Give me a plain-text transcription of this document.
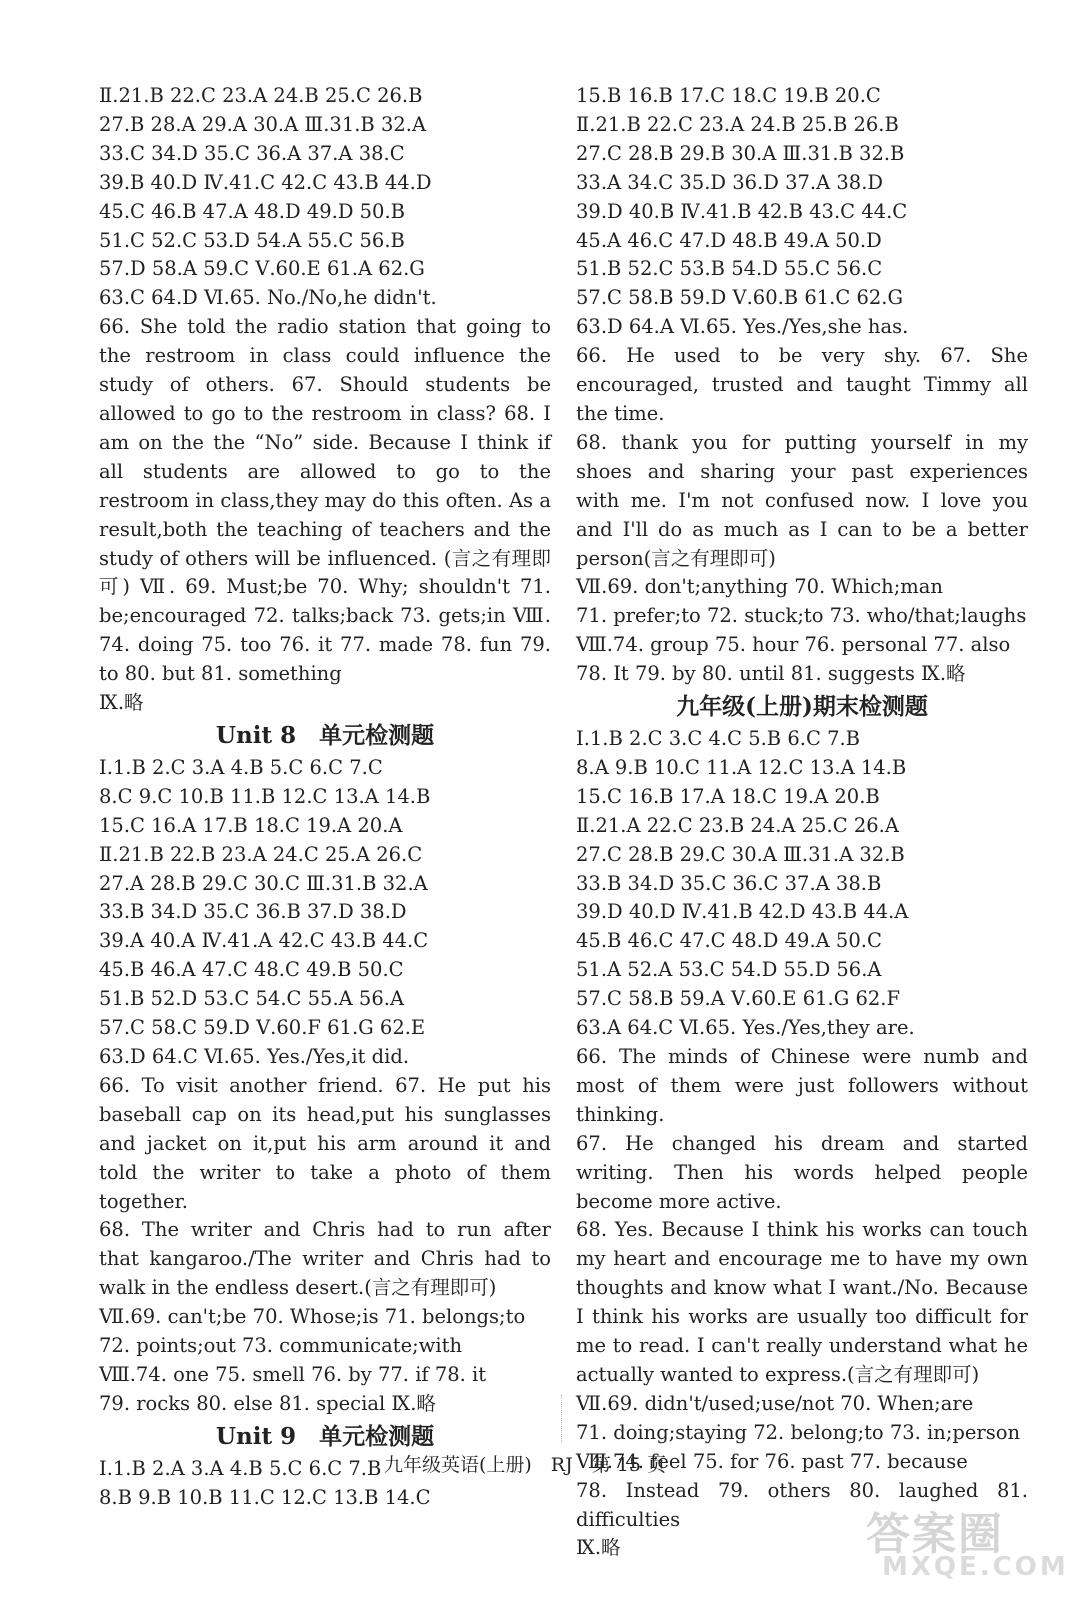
Ⅱ.21.B 22.C 23.A 24.B 25.C 26.B

27.B 28.A 29.A 30.A Ⅲ.31.B 32.A

33.C 34.D 35.C 36.A 37.A 38.C

39.B 40.D Ⅳ.41.C 42.C 43.B 44.D

45.C 46.B 47.A 48.D 49.D 50.B

51.C 52.C 53.D 54.A 55.C 56.B

57.D 58.A 59.C Ⅴ.60.E 61.A 62.G

63.C 64.D Ⅵ.65. No./No,he didn't.

66. She told the radio station that going to the restroom in class could influence the study of others. 67. Should students be allowed to go to the restroom in class? 68. I am on the the “No” side. Because I think if all students are allowed to go to the restroom in class,they may do this often. As a result,both the teaching of teachers and the study of others will be influenced. (言之有理即可) Ⅶ. 69. Must;be 70. Why; shouldn't 71. be;encouraged 72. talks;back 73. gets;in Ⅷ. 74. doing 75. too 76. it 77. made 78. fun 79. to 80. but 81. something

Ⅸ.略

Unit 8　单元检测题

Ⅰ.1.B 2.C 3.A 4.B 5.C 6.C 7.C

8.C 9.C 10.B 11.B 12.C 13.A 14.B

15.C 16.A 17.B 18.C 19.A 20.A

Ⅱ.21.B 22.B 23.A 24.C 25.A 26.C

27.A 28.B 29.C 30.C Ⅲ.31.B 32.A

33.B 34.D 35.C 36.B 37.D 38.D

39.A 40.A Ⅳ.41.A 42.C 43.B 44.C

45.B 46.A 47.C 48.C 49.B 50.C

51.B 52.D 53.C 54.C 55.A 56.A

57.C 58.C 59.D Ⅴ.60.F 61.G 62.E

63.D 64.C Ⅵ.65. Yes./Yes,it did.

66. To visit another friend. 67. He put his baseball cap on its head,put his sunglasses and jacket on it,put his arm around it and told the writer to take a photo of them together.

68. The writer and Chris had to run after that kangaroo./The writer and Chris had to walk in the endless desert.(言之有理即可)

Ⅶ.69. can't;be 70. Whose;is 71. belongs;to

72. points;out 73. communicate;with

Ⅷ.74. one 75. smell 76. by 77. if 78. it

79. rocks 80. else 81. special Ⅸ.略

Unit 9　单元检测题

Ⅰ.1.B 2.A 3.A 4.B 5.C 6.C 7.B

8.B 9.B 10.B 11.C 12.C 13.B 14.C

15.B 16.B 17.C 18.C 19.B 20.C

Ⅱ.21.B 22.C 23.A 24.B 25.B 26.B

27.C 28.B 29.B 30.A Ⅲ.31.B 32.B

33.A 34.C 35.D 36.D 37.A 38.D

39.D 40.B Ⅳ.41.B 42.B 43.C 44.C

45.A 46.C 47.D 48.B 49.A 50.D

51.B 52.C 53.B 54.D 55.C 56.C

57.C 58.B 59.D Ⅴ.60.B 61.C 62.G

63.D 64.A Ⅵ.65. Yes./Yes,she has.

66. He used to be very shy. 67. She encouraged, trusted and taught Timmy all the time.

68. thank you for putting yourself in my shoes and sharing your past experiences with me. I'm not confused now. I love you and I'll do as much as I can to be a better person(言之有理即可)

Ⅶ.69. don't;anything 70. Which;man

71. prefer;to 72. stuck;to 73. who/that;laughs

Ⅷ.74. group 75. hour 76. personal 77. also

78. It 79. by 80. until 81. suggests Ⅸ.略

九年级(上册)期末检测题

Ⅰ.1.B 2.C 3.C 4.C 5.B 6.C 7.B

8.A 9.B 10.C 11.A 12.C 13.A 14.B

15.C 16.B 17.A 18.C 19.A 20.B

Ⅱ.21.A 22.C 23.B 24.A 25.C 26.A

27.C 28.B 29.C 30.A Ⅲ.31.A 32.B

33.B 34.D 35.C 36.C 37.A 38.B

39.D 40.D Ⅳ.41.B 42.D 43.B 44.A

45.B 46.C 47.C 48.D 49.A 50.C

51.A 52.A 53.C 54.D 55.D 56.A

57.C 58.B 59.A Ⅴ.60.E 61.G 62.F

63.A 64.C Ⅵ.65. Yes./Yes,they are.

66. The minds of Chinese were numb and most of them were just followers without thinking.

67. He changed his dream and started writing. Then his words helped people become more active.

68. Yes. Because I think his works can touch my heart and encourage me to have my own thoughts and know what I want./No. Because I think his works are usually too difficult for me to read. I can't really understand what he actually wanted to express.(言之有理即可)

Ⅶ.69. didn't/used;use/not 70. When;are

71. doing;staying 72. belong;to 73. in;person

Ⅷ.74. feel 75. for 76. past 77. because

78. Instead 79. others 80. laughed 81. difficulties

Ⅸ.略

九年级英语(上册)　RJ　第 15 页
答案圈
MXQE.COM
